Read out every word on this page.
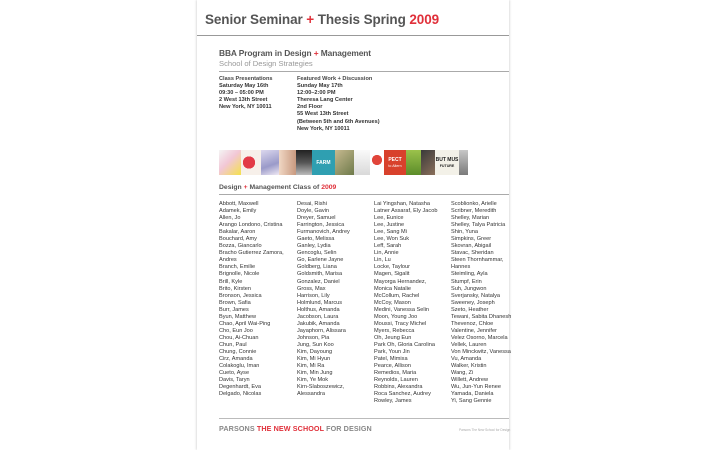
Senior Seminar + Thesis Spring 2009
BBA Program in Design + Management
School of Design Strategies
Class Presentations
Saturday May 16th
09:30 – 05:00 PM
2 West 13th Street
New York, NY 10011
Featured Work + Discussion
Sunday May 17th
12:00–2:00 PM
Theresa Lang Center
2nd Floor
55 West 13th Street
(Between 5th and 6th Avenues)
New York, NY 10011
FARM	PECT
to Altern
BUT MUS
FUTURE
Design + Management Class of 2009
Abbott, Maxwell
Adamek, Emily
Allen, Jo
Arango Londono, Cristina
Bakalar, Aaron
Bouchard, Amy
Bozza, Giancarlo
Bracho Gutierrez Zamora,
Andres
Branch, Emilie
Brignolle, Nicole
Brill, Kyle
Brito, Kirsten
Bronson, Jessica
Brown, Safia
Burr, James
Byun, Matthew
Chao, April Wai-Ping
Cho, Eun Joo
Chou, Ai-Chuan
Chun, Paul
Chung, Connie
Cirz, Amanda
Colakoglu, Iman
Cueto, Ayse
Davis, Taryn
Degenhardt, Eva
Delgado, Nicolas
Desai, Rishi
Doyle, Gavin
Dreyer, Samuel
Farrington, Jessica
Furmanovich, Andrey
Gaeto, Melissa
Ganley, Lydia
Gencoglu, Selin
Go, Earlene Jayne
Goldberg, Liana
Goldsmith, Marisa
Gonzalez, Daniel
Gross, Max
Harrison, Lily
Holmlund, Marcus
Holthus, Amanda
Jacobson, Laura
Jakubik, Amanda
Jayaphorn, Alissara
Johnson, Pia
Jung, Sun Koo
Kim, Dayoung
Kim, Mi Hyun
Kim, Mi Ra
Kim, Min Jung
Kim, Ye Mok
Kirn-Slaboszewicz,
Alessandra
Lai Yingshan, Natasha
Latner Assaraf, Ely Jacob
Lee, Eunice
Lee, Justine
Lee, Sang Mi
Lee, Won Suk
Leff, Sarah
Lin, Annie
Lin, Lu
Locke, Taylour
Magen, Sigalit
Mayorga Hernandez,
Monica Natalie
McCollum, Rachel
McCoy, Mason
Medini, Vanessa Selin
Moon, Young Joo
Moussi, Tracy Michel
Myers, Rebecca
Oh, Jeung Eun
Park Oh, Gloria Carolina
Park, Youn Jin
Patel, Mimixa
Pearce, Allison
Remedios, Maria
Reynolds, Lauren
Robbins, Alexandra
Roca Sanchez, Audrey
Rowley, James
Scoblionko, Arielle
Scribner, Meredith
Shelley, Marian
Shelley, Talya Patricia
Shin, Yuna
Simpkins, Greer
Skovran, Abigail
Stavac, Sheridan
Steen Thornhammar,
Hannes
Steimling, Ayla
Stumpf, Erin
Suh, Jungwon
Sverjansky, Natalya
Sweeney, Joseph
Szeto, Heather
Tewani, Sabita Dhanesh
Thevenoz, Chloe
Valentine, Jennifer
Velez Osorno, Marcela
Vellek, Lauren
Von Minckwitz, Vanessa
Vu, Amanda
Walker, Kristin
Wang, Zi
Willett, Andrew
Wu, Jun-Yun Renee
Yamada, Daniela
Yi, Sang Gennie
PARSONS THE NEW SCHOOL FOR DESIGN	Parsons The New School for Design
